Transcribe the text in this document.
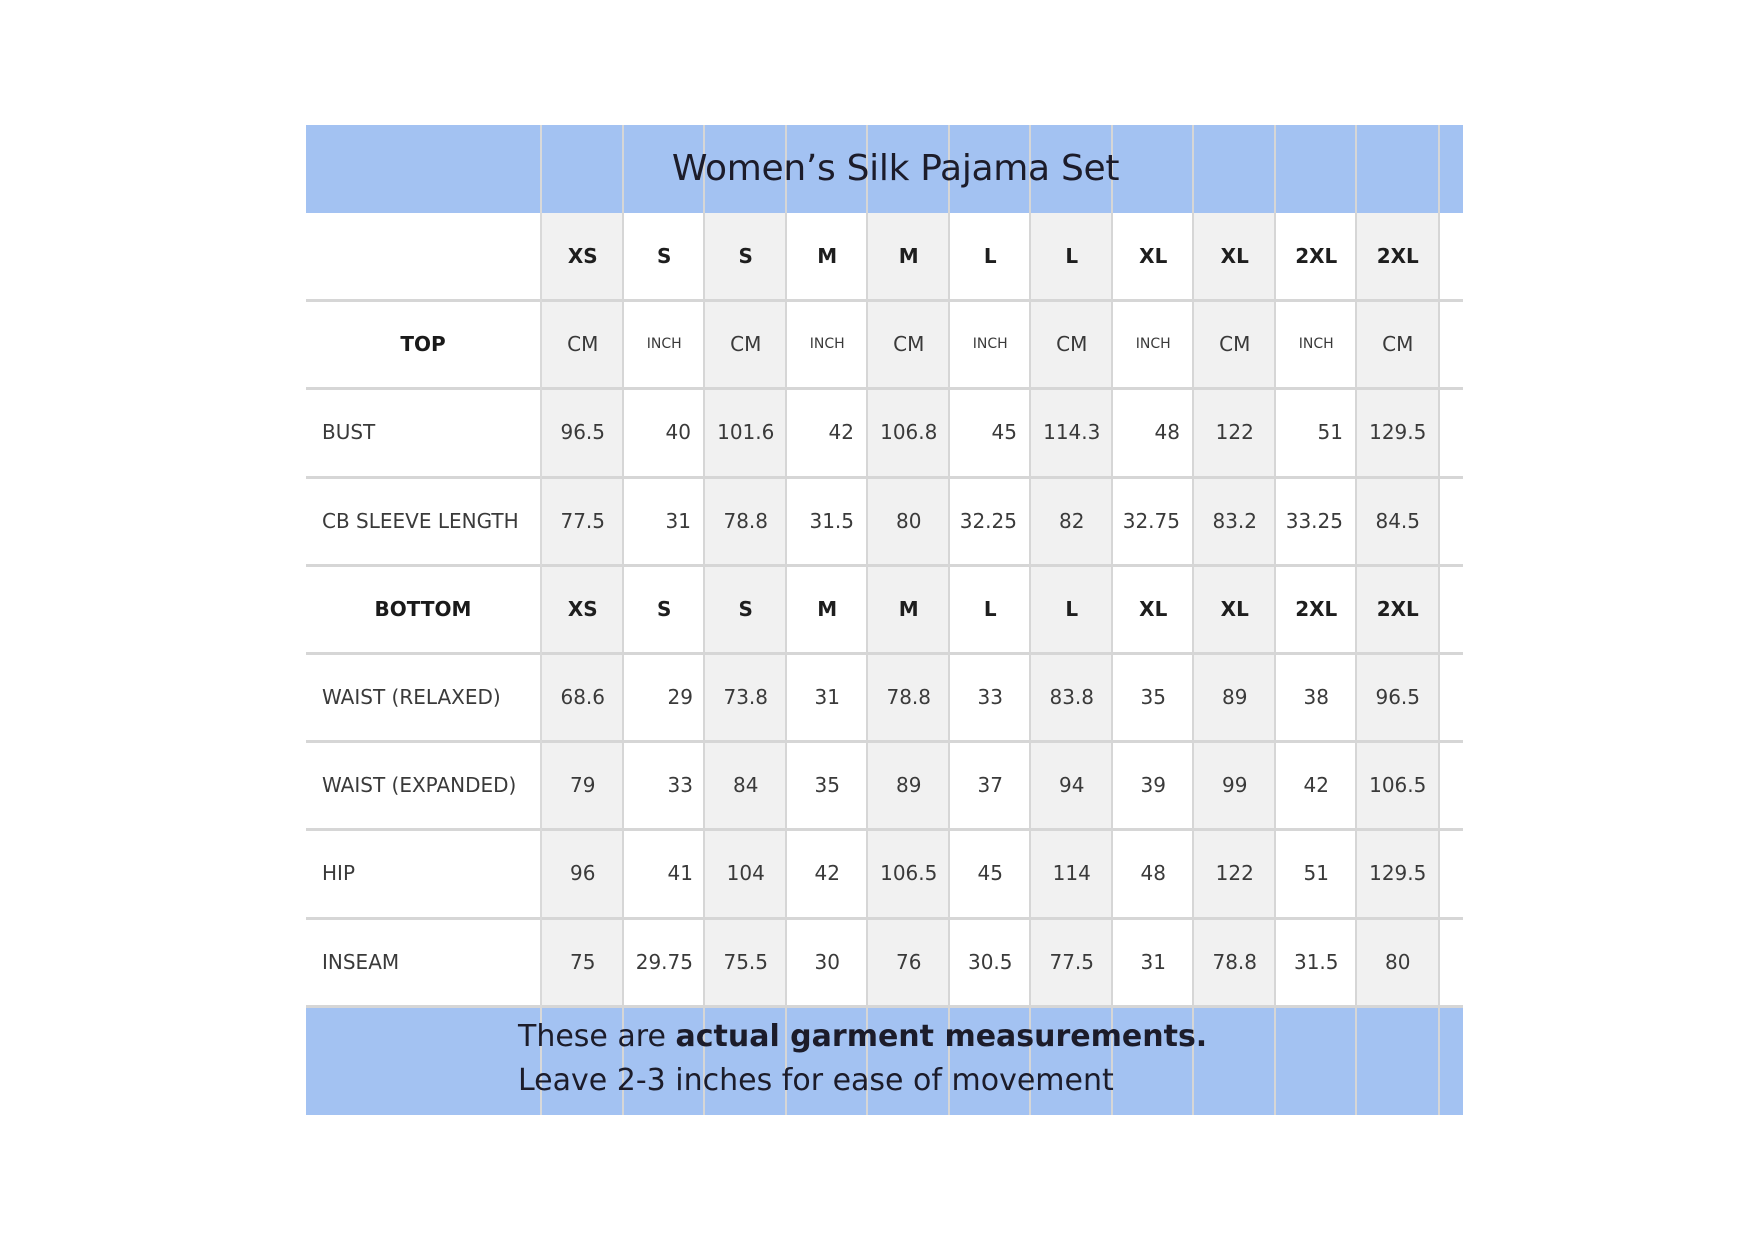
XS	S	S	M	M	L	L	XL	XL	2XL	2XL
TOP	CM	INCH	CM	INCH	CM	INCH	CM	INCH	CM	INCH	CM
BUST	96.5	40	101.6	42	106.8	45	114.3	48	122	51	129.5
CB SLEEVE LENGTH	77.5	31	78.8	31.5	80	32.25	82	32.75	83.2	33.25	84.5
BOTTOM	XS	S	S	M	M	L	L	XL	XL	2XL	2XL
WAIST (RELAXED)	68.6	29	73.8	31	78.8	33	83.8	35	89	38	96.5
WAIST (EXPANDED)	79	33	84	35	89	37	94	39	99	42	106.5
HIP	96	41	104	42	106.5	45	114	48	122	51	129.5
INSEAM	75	29.75	75.5	30	76	30.5	77.5	31	78.8	31.5	80
Women’s Silk Pajama Set
These are actual garment measurements. Leave 2-3 inches for ease of movement
